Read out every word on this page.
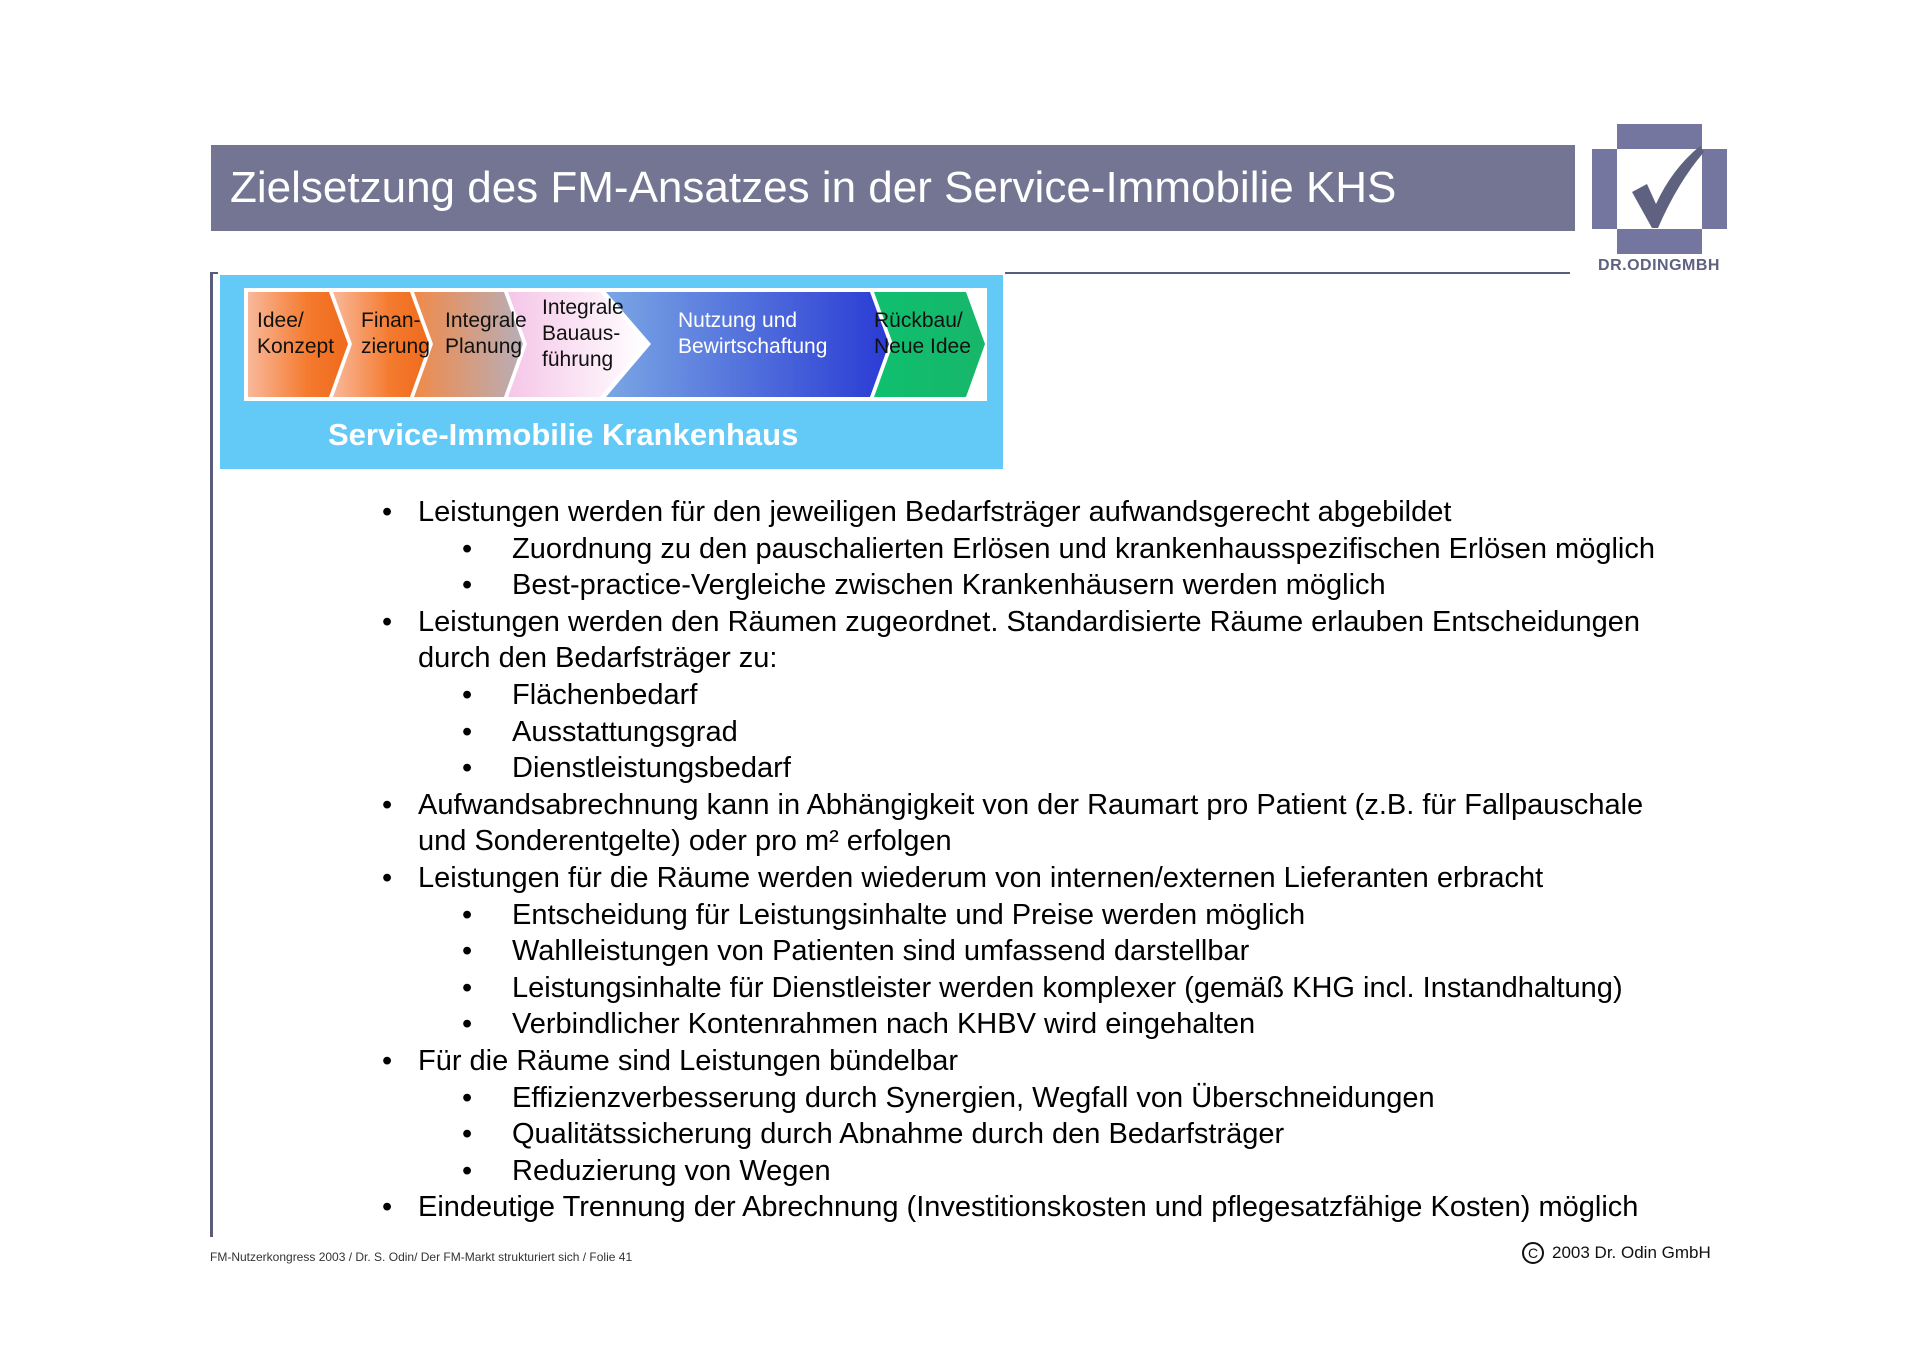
Zielsetzung des FM-Ansatzes in der Service-Immobilie KHS
DR.ODINGMBH
Idee/
Konzept
Finan-
zierung
Integrale
Planung
Integrale
Bauaus-
führung
Nutzung und
Bewirtschaftung
Rückbau/
Neue Idee
Service-Immobilie Krankenhaus
• Leistungen werden für den jeweiligen Bedarfsträger aufwandsgerecht abgebildet
• Zuordnung zu den pauschalierten Erlösen und krankenhausspezifischen Erlösen möglich
• Best-practice-Vergleiche zwischen Krankenhäusern werden möglich
• Leistungen werden den Räumen zugeordnet. Standardisierte Räume erlauben Entscheidungen
durch den Bedarfsträger zu:
• Flächenbedarf
• Ausstattungsgrad
• Dienstleistungsbedarf
• Aufwandsabrechnung kann in Abhängigkeit von der Raumart pro Patient (z.B. für Fallpauschale
und Sonderentgelte) oder pro m² erfolgen
• Leistungen für die Räume werden wiederum von internen/externen Lieferanten erbracht
• Entscheidung für Leistungsinhalte und Preise werden möglich
• Wahlleistungen von Patienten sind umfassend darstellbar
• Leistungsinhalte für Dienstleister werden komplexer (gemäß KHG incl. Instandhaltung)
• Verbindlicher Kontenrahmen nach KHBV wird eingehalten
• Für die Räume sind Leistungen bündelbar
• Effizienzverbesserung durch Synergien, Wegfall von Überschneidungen
• Qualitätssicherung durch Abnahme durch den Bedarfsträger
• Reduzierung von Wegen
• Eindeutige Trennung der Abrechnung (Investitionskosten und pflegesatzfähige Kosten) möglich
FM-Nutzerkongress 2003 / Dr. S. Odin/ Der FM-Markt strukturiert sich / Folie 41	C 2003 Dr. Odin GmbH
